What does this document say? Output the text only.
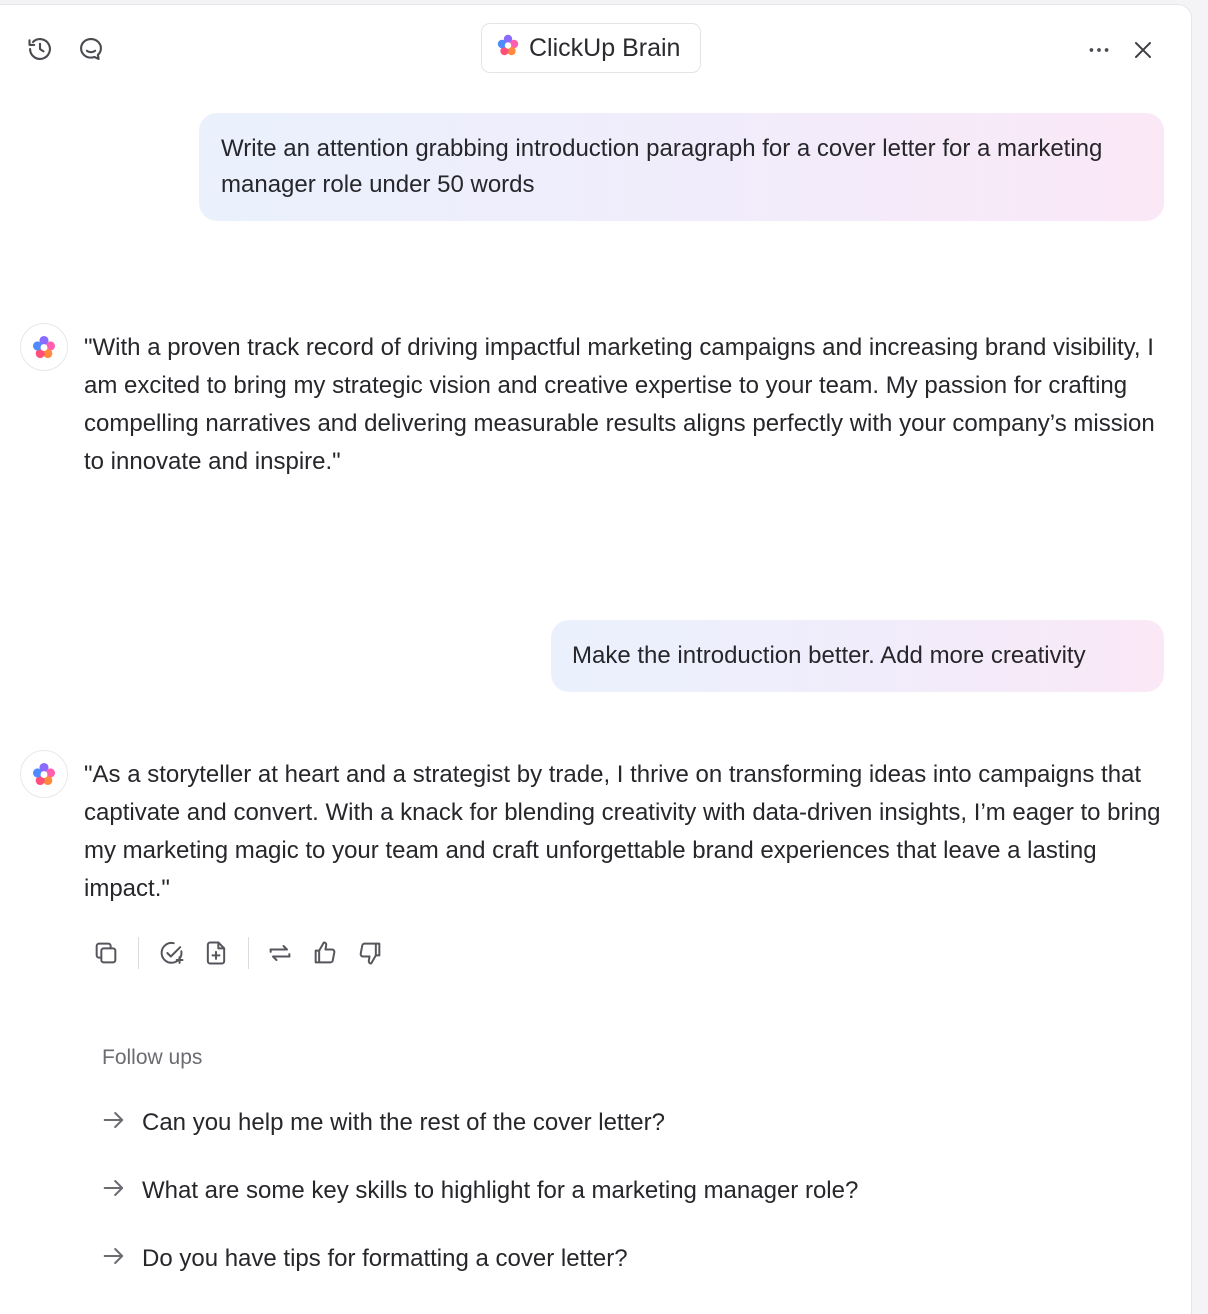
ClickUp Brain
Write an attention grabbing introduction paragraph for a cover letter for a marketing manager role under 50 words
"With a proven track record of driving impactful marketing campaigns and increasing brand visibility, I am excited to bring my strategic vision and creative expertise to your team. My passion for crafting compelling narratives and delivering measurable results aligns perfectly with your company’s mission to innovate and inspire."
Make the introduction better. Add more creativity
"As a storyteller at heart and a strategist by trade, I thrive on transforming ideas into campaigns that captivate and convert. With a knack for blending creativity with data-driven insights, I’m eager to bring my marketing magic to your team and craft unforgettable brand experiences that leave a lasting impact."
Follow ups
Can you help me with the rest of the cover letter?
What are some key skills to highlight for a marketing manager role?
Do you have tips for formatting a cover letter?
